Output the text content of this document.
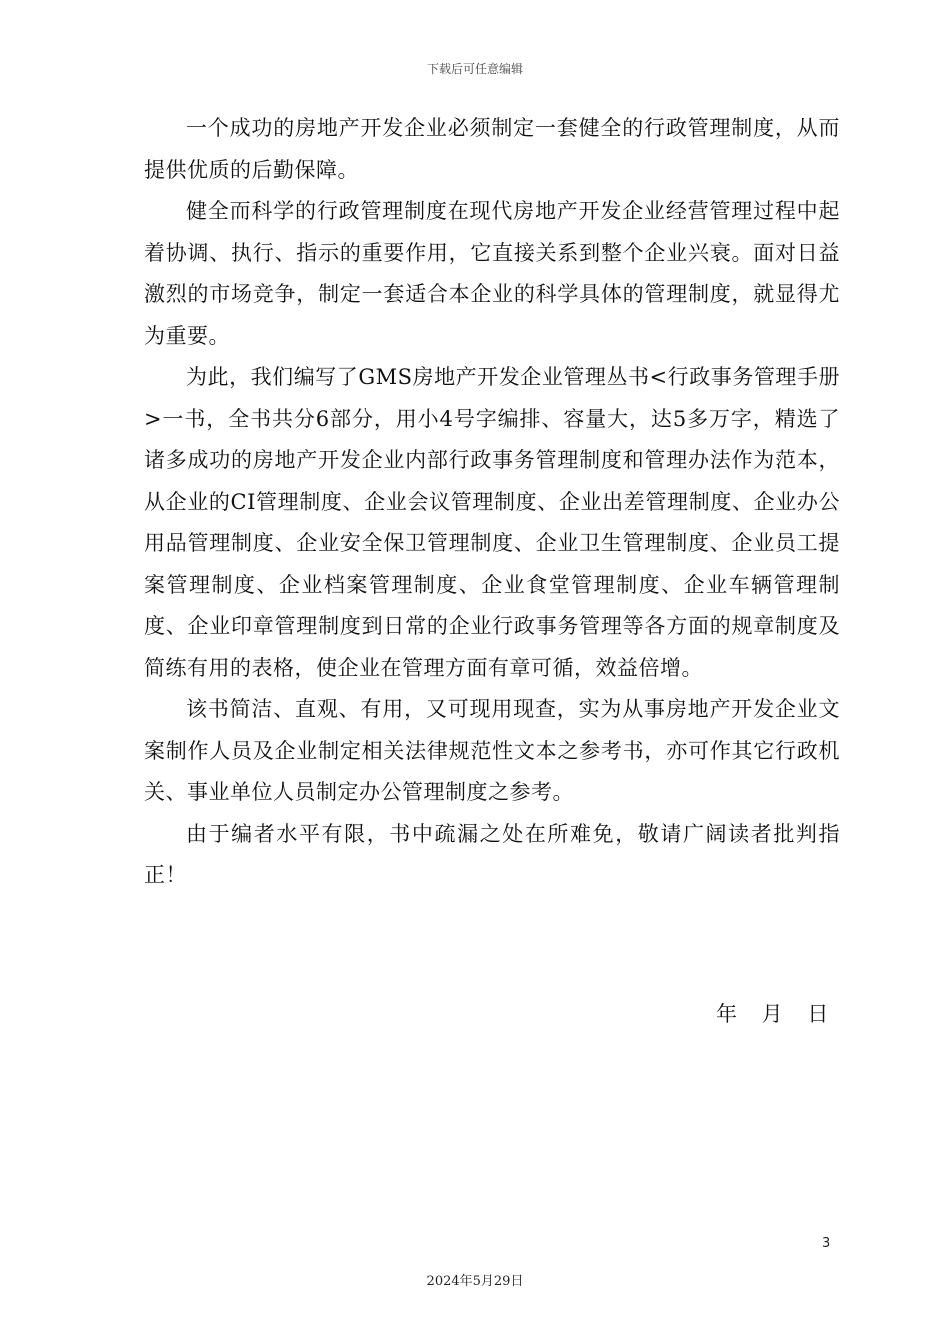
下载后可任意编辑

一个成功的房地产开发企业必须制定一套健全的行政管理制度，从而提供优质的后勤保障。

健全而科学的行政管理制度在现代房地产开发企业经营管理过程中起着协调、执行、指示的重要作用，它直接关系到整个企业兴衰。面对日益激烈的市场竞争，制定一套适合本企业的科学具体的管理制度，就显得尤为重要。

为此，我们编写了GMS房地产开发企业管理丛书<行政事务管理手册>一书，全书共分6部分，用小4号字编排、容量大，达5多万字，精选了诸多成功的房地产开发企业内部行政事务管理制度和管理办法作为范本，从企业的CI管理制度、企业会议管理制度、企业出差管理制度、企业办公用品管理制度、企业安全保卫管理制度、企业卫生管理制度、企业员工提案管理制度、企业档案管理制度、企业食堂管理制度、企业车辆管理制度、企业印章管理制度到日常的企业行政事务管理等各方面的规章制度及简练有用的表格，使企业在管理方面有章可循，效益倍增。

该书简洁、直观、有用，又可现用现查，实为从事房地产开发企业文案制作人员及企业制定相关法律规范性文本之参考书，亦可作其它行政机关、事业单位人员制定办公管理制度之参考。

由于编者水平有限，书中疏漏之处在所难免，敬请广阔读者批判指正！

年 月 日
3
2024年5月29日
